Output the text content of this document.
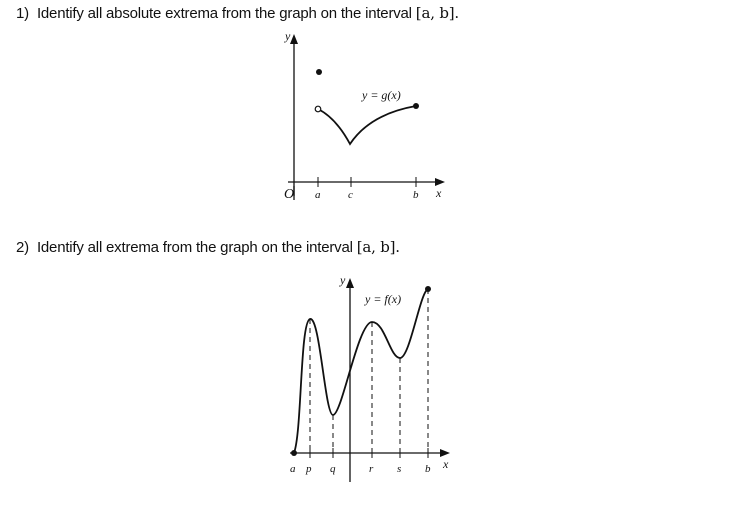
1) Identify all absolute extrema from the graph on the interval [a, b].
y
x
O a	c	b
y = g(x)
2) Identify all extrema from the graph on the interval [a, b].
y
x
y = f(x)
a p q	r s b
